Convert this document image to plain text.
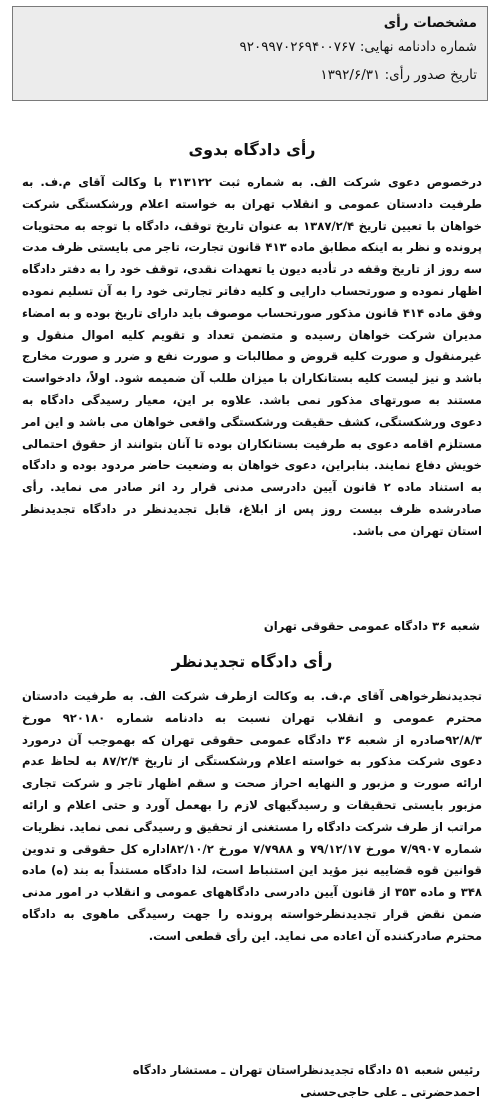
مشخصات رأی
شماره دادنامه نهایی: ۹۲۰۹۹۷۰۲۶۹۴۰۰۷۶۷
تاریخ صدور رأی: ۱۳۹۲/۶/۳۱
رأی دادگاه بدوی

درخصوص دعوی شرکت الف. به شماره ثبت ۳۱۳۱۲۲ با وکالت آقای م.ف. به طرفیت دادستان عمومی و انقلاب تهران به خواسته اعلام ورشکستگی شرکت خواهان با تعیین تاریخ ۱۳۸۷/۲/۴ به عنوان تاریخ توقف، دادگاه با توجه به محتویات پرونده و نظر به اینکه مطابق ماده ۴۱۳ قانون تجارت، تاجر می بایستی ظرف مدت سه روز از تاریخ وقفه در تأدیه دیون یا تعهدات نقدی، توقف خود را به دفتر دادگاه اظهار نموده و صورتحساب دارایی و کلیه دفاتر تجارتی خود را به آن تسلیم نموده وفق ماده ۴۱۴ قانون مذکور صورتحساب موصوف باید دارای تاریخ بوده و به امضاء مدیران شرکت خواهان رسیده و متضمن تعداد و تقویم کلیه اموال منقول و غیرمنقول و صورت کلیه قروض و مطالبات و صورت نفع و ضرر و صورت مخارج باشد و نیز لیست کلیه بستانکاران با میزان طلب آن ضمیمه شود. اولاً، دادخواست مستند به صورتهای مذکور نمی باشد. علاوه بر این، معیار رسیدگی دادگاه به دعوی ورشکستگی، کشف حقیقت ورشکستگی واقعی خواهان می باشد و این امر مستلزم اقامه دعوی به طرفیت بستانکاران بوده تا آنان بتوانند از حقوق احتمالی خویش دفاع نمایند. بنابراین، دعوی خواهان به وضعیت حاضر مردود بوده و دادگاه به استناد ماده ۲ قانون آیین دادرسی مدنی قرار رد اثر صادر می نماید. رأی صادرشده ظرف بیست روز پس از ابلاغ، قابل تجدیدنظر در دادگاه تجدیدنظر استان تهران می باشد.

شعبه ۳۶ دادگاه عمومی حقوقی تهران
رأی دادگاه تجدیدنظر

تجدیدنظرخواهی آقای م.ف. به وکالت ازطرف شرکت الف. به طرفیت دادستان محترم عمومی و انقلاب تهران نسبت به دادنامه شماره ۹۲۰۱۸۰ مورخ ۹۲/۸/۳صادره از شعبه ۳۶ دادگاه عمومی حقوقی تهران که بهموجب آن درمورد دعوی شرکت مذکور به خواسته اعلام ورشکستگی از تاریخ ۸۷/۲/۴ به لحاظ عدم ارائه صورت و مزبور و النهایه احراز صحت و سقم اظهار تاجر و شرکت تجاری مزبور بایستی تحقیقات و رسیدگیهای لازم را بهعمل آورد و حتی اعلام و ارائه مراتب از طرف شرکت دادگاه را مستغنی از تحقیق و رسیدگی نمی نماید. نظریات شماره ۷/۹۹۰۷ مورخ ۷۹/۱۲/۱۷ و ۷/۷۹۸۸ مورخ ۸۲/۱۰/۲اداره کل حقوقی و تدوین قوانین قوه قضاییه نیز مؤید این استنباط است، لذا دادگاه مستنداً به بند (ه) ماده ۳۴۸ و ماده ۳۵۳ از قانون آیین دادرسی دادگاههای عمومی و انقلاب در امور مدنی ضمن نقض قرار تجدیدنظرخواسته پرونده را جهت رسیدگی ماهوی به دادگاه محترم صادرکننده آن اعاده می نماید. این رأی قطعی است.

رئیس شعبه ۵۱ دادگاه تجدیدنظراستان تهران ـ مستشار دادگاه
احمدحضرتی ـ علی حاجی‌حسنی
